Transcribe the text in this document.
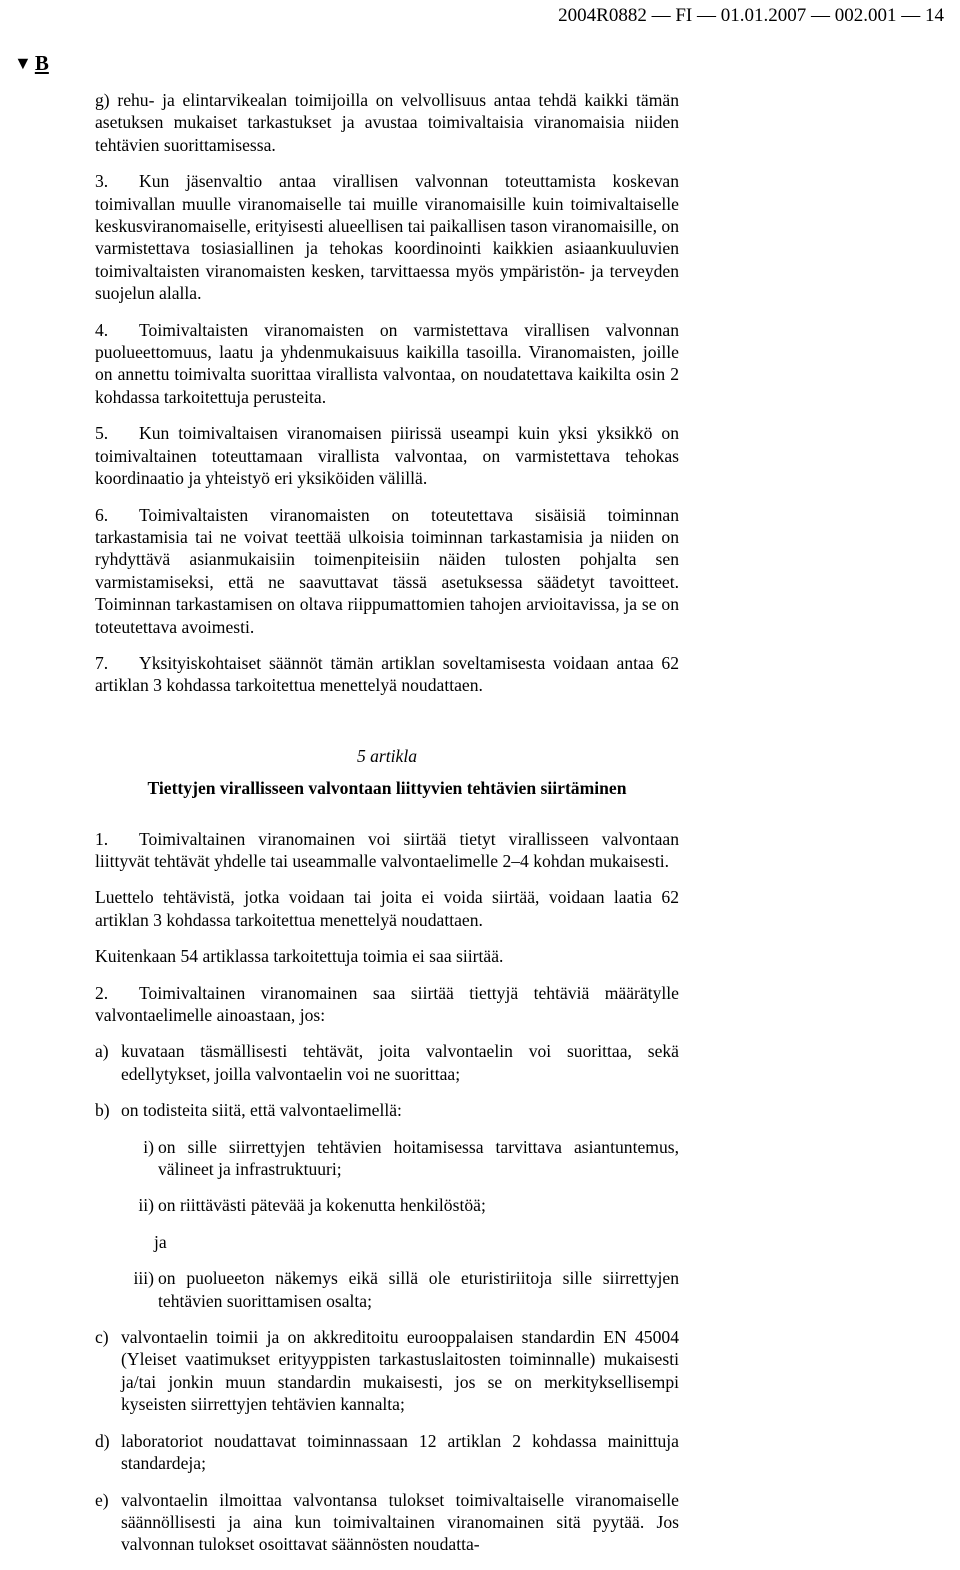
2004R0882 — FI — 01.01.2007 — 002.001 — 14
▼ B

g) rehu- ja elintarvikealan toimijoilla on velvollisuus antaa tehdä kaikki tämän asetuksen mukaiset tarkastukset ja avustaa toimivaltaisia viranomaisia niiden tehtävien suorittamisessa.

3. Kun jäsenvaltio antaa virallisen valvonnan toteuttamista koskevan toimivallan muulle viranomaiselle tai muille viranomaisille kuin toimivaltaiselle keskusviranomaiselle, erityisesti alueellisen tai paikallisen tason viranomaisille, on varmistettava tosiasiallinen ja tehokas koordinointi kaikkien asiaankuuluvien toimivaltaisten viranomaisten kesken, tarvittaessa myös ympäristön- ja terveyden suojelun alalla.

4. Toimivaltaisten viranomaisten on varmistettava virallisen valvonnan puolueettomuus, laatu ja yhdenmukaisuus kaikilla tasoilla. Viranomaisten, joille on annettu toimivalta suorittaa virallista valvontaa, on noudatettava kaikilta osin 2 kohdassa tarkoitettuja perusteita.

5. Kun toimivaltaisen viranomaisen piirissä useampi kuin yksi yksikkö on toimivaltainen toteuttamaan virallista valvontaa, on varmistettava tehokas koordinaatio ja yhteistyö eri yksiköiden välillä.

6. Toimivaltaisten viranomaisten on toteutettava sisäisiä toiminnan tarkastamisia tai ne voivat teettää ulkoisia toiminnan tarkastamisia ja niiden on ryhdyttävä asianmukaisiin toimenpiteisiin näiden tulosten pohjalta sen varmistamiseksi, että ne saavuttavat tässä asetuksessa säädetyt tavoitteet. Toiminnan tarkastamisen on oltava riippumattomien tahojen arvioitavissa, ja se on toteutettava avoimesti.

7. Yksityiskohtaiset säännöt tämän artiklan soveltamisesta voidaan antaa 62 artiklan 3 kohdassa tarkoitettua menettelyä noudattaen.

5 artikla
Tiettyjen virallisseen valvontaan liittyvien tehtävien siirtäminen

1. Toimivaltainen viranomainen voi siirtää tietyt virallisseen valvontaan liittyvät tehtävät yhdelle tai useammalle valvontaelimelle 2–4 kohdan mukaisesti.

Luettelo tehtävistä, jotka voidaan tai joita ei voida siirtää, voidaan laatia 62 artiklan 3 kohdassa tarkoitettua menettelyä noudattaen.

Kuitenkaan 54 artiklassa tarkoitettuja toimia ei saa siirtää.

2. Toimivaltainen viranomainen saa siirtää tiettyjä tehtäviä määrätylle valvontaelimelle ainoastaan, jos:

a) kuvataan täsmällisesti tehtävät, joita valvontaelin voi suorittaa, sekä edellytykset, joilla valvontaelin voi ne suorittaa;
b) on todisteita siitä, että valvontaelimellä:
i) on sille siirrettyjen tehtävien hoitamisessa tarvittava asiantuntemus, välineet ja infrastruktuuri;
ii) on riittävästi pätevää ja kokenutta henkilöstöä;
ja
iii) on puolueeton näkemys eikä sillä ole eturistiriitoja sille siirrettyjen tehtävien suorittamisen osalta;
c) valvontaelin toimii ja on akkreditoitu eurooppalaisen standardin EN 45004 (Yleiset vaatimukset erityyppisten tarkastuslaitosten toiminnalle) mukaisesti ja/tai jonkin muun standardin mukaisesti, jos se on merkityksellisempi kyseisten siirrettyjen tehtävien kannalta;
d) laboratoriot noudattavat toiminnassaan 12 artiklan 2 kohdassa mainittuja standardeja;
e) valvontaelin ilmoittaa valvontansa tulokset toimivaltaiselle viranomaiselle säännöllisesti ja aina kun toimivaltainen viranomainen sitä pyytää. Jos valvonnan tulokset osoittavat säännösten noudatta-
